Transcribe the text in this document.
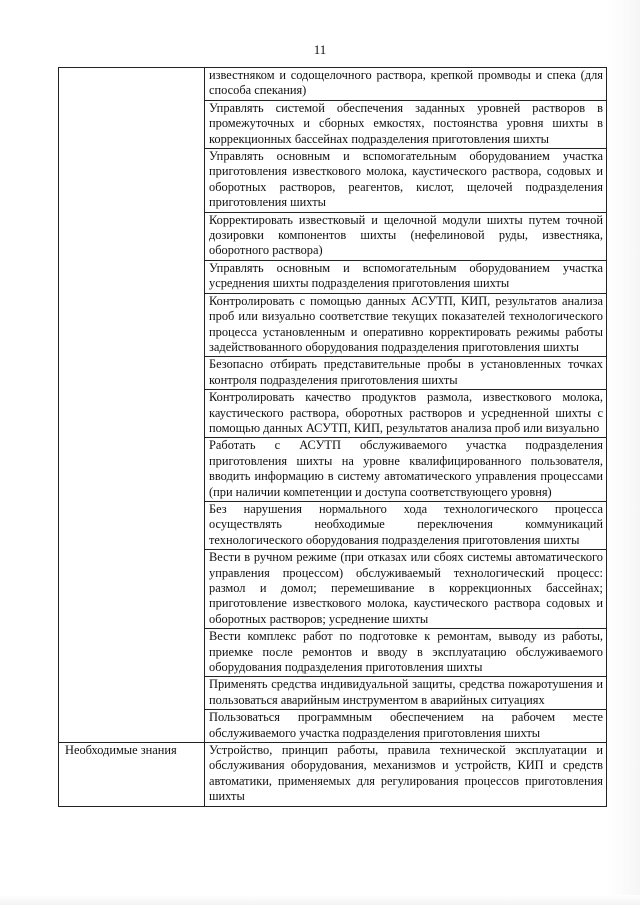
11
	известняком и содощелочного раствора, крепкой промводы и спека (для способа спекания)
	Управлять системой обеспечения заданных уровней растворов в промежуточных и сборных емкостях, постоянства уровня шихты в коррекционных бассейнах подразделения приготовления шихты
	Управлять основным и вспомогательным оборудованием участка приготовления известкового молока, каустического раствора, содовых и оборотных растворов, реагентов, кислот, щелочей подразделения приготовления шихты
	Корректировать известковый и щелочной модули шихты путем точной дозировки компонентов шихты (нефелиновой руды, известняка, оборотного раствора)
	Управлять основным и вспомогательным оборудованием участка усреднения шихты подразделения приготовления шихты
	Контролировать с помощью данных АСУТП, КИП, результатов анализа проб или визуально соответствие текущих показателей технологического процесса установленным и оперативно корректировать режимы работы задействованного оборудования подразделения приготовления шихты
	Безопасно отбирать представительные пробы в установленных точках контроля подразделения приготовления шихты
	Контролировать качество продуктов размола, известкового молока, каустического раствора, оборотных растворов и усредненной шихты с помощью данных АСУТП, КИП, результатов анализа проб или визуально
	Работать с АСУТП обслуживаемого участка подразделения приготовления шихты на уровне квалифицированного пользователя, вводить информацию в систему автоматического управления процессами (при наличии компетенции и доступа соответствующего уровня)
	Без нарушения нормального хода технологического процесса осуществлять необходимые переключения коммуникаций технологического оборудования подразделения приготовления шихты
	Вести в ручном режиме (при отказах или сбоях системы автоматического управления процессом) обслуживаемый технологический процесс: размол и домол; перемешивание в коррекционных бассейнах; приготовление известкового молока, каустического раствора содовых и оборотных растворов; усреднение шихты
	Вести комплекс работ по подготовке к ремонтам, выводу из работы, приемке после ремонтов и вводу в эксплуатацию обслуживаемого оборудования подразделения приготовления шихты
	Применять средства индивидуальной защиты, средства пожаротушения и пользоваться аварийным инструментом в аварийных ситуациях
	Пользоваться программным обеспечением на рабочем месте обслуживаемого участка подразделения приготовления шихты
Необходимые знания	Устройство, принцип работы, правила технической эксплуатации и обслуживания оборудования, механизмов и устройств, КИП и средств автоматики, применяемых для регулирования процессов приготовления шихты
